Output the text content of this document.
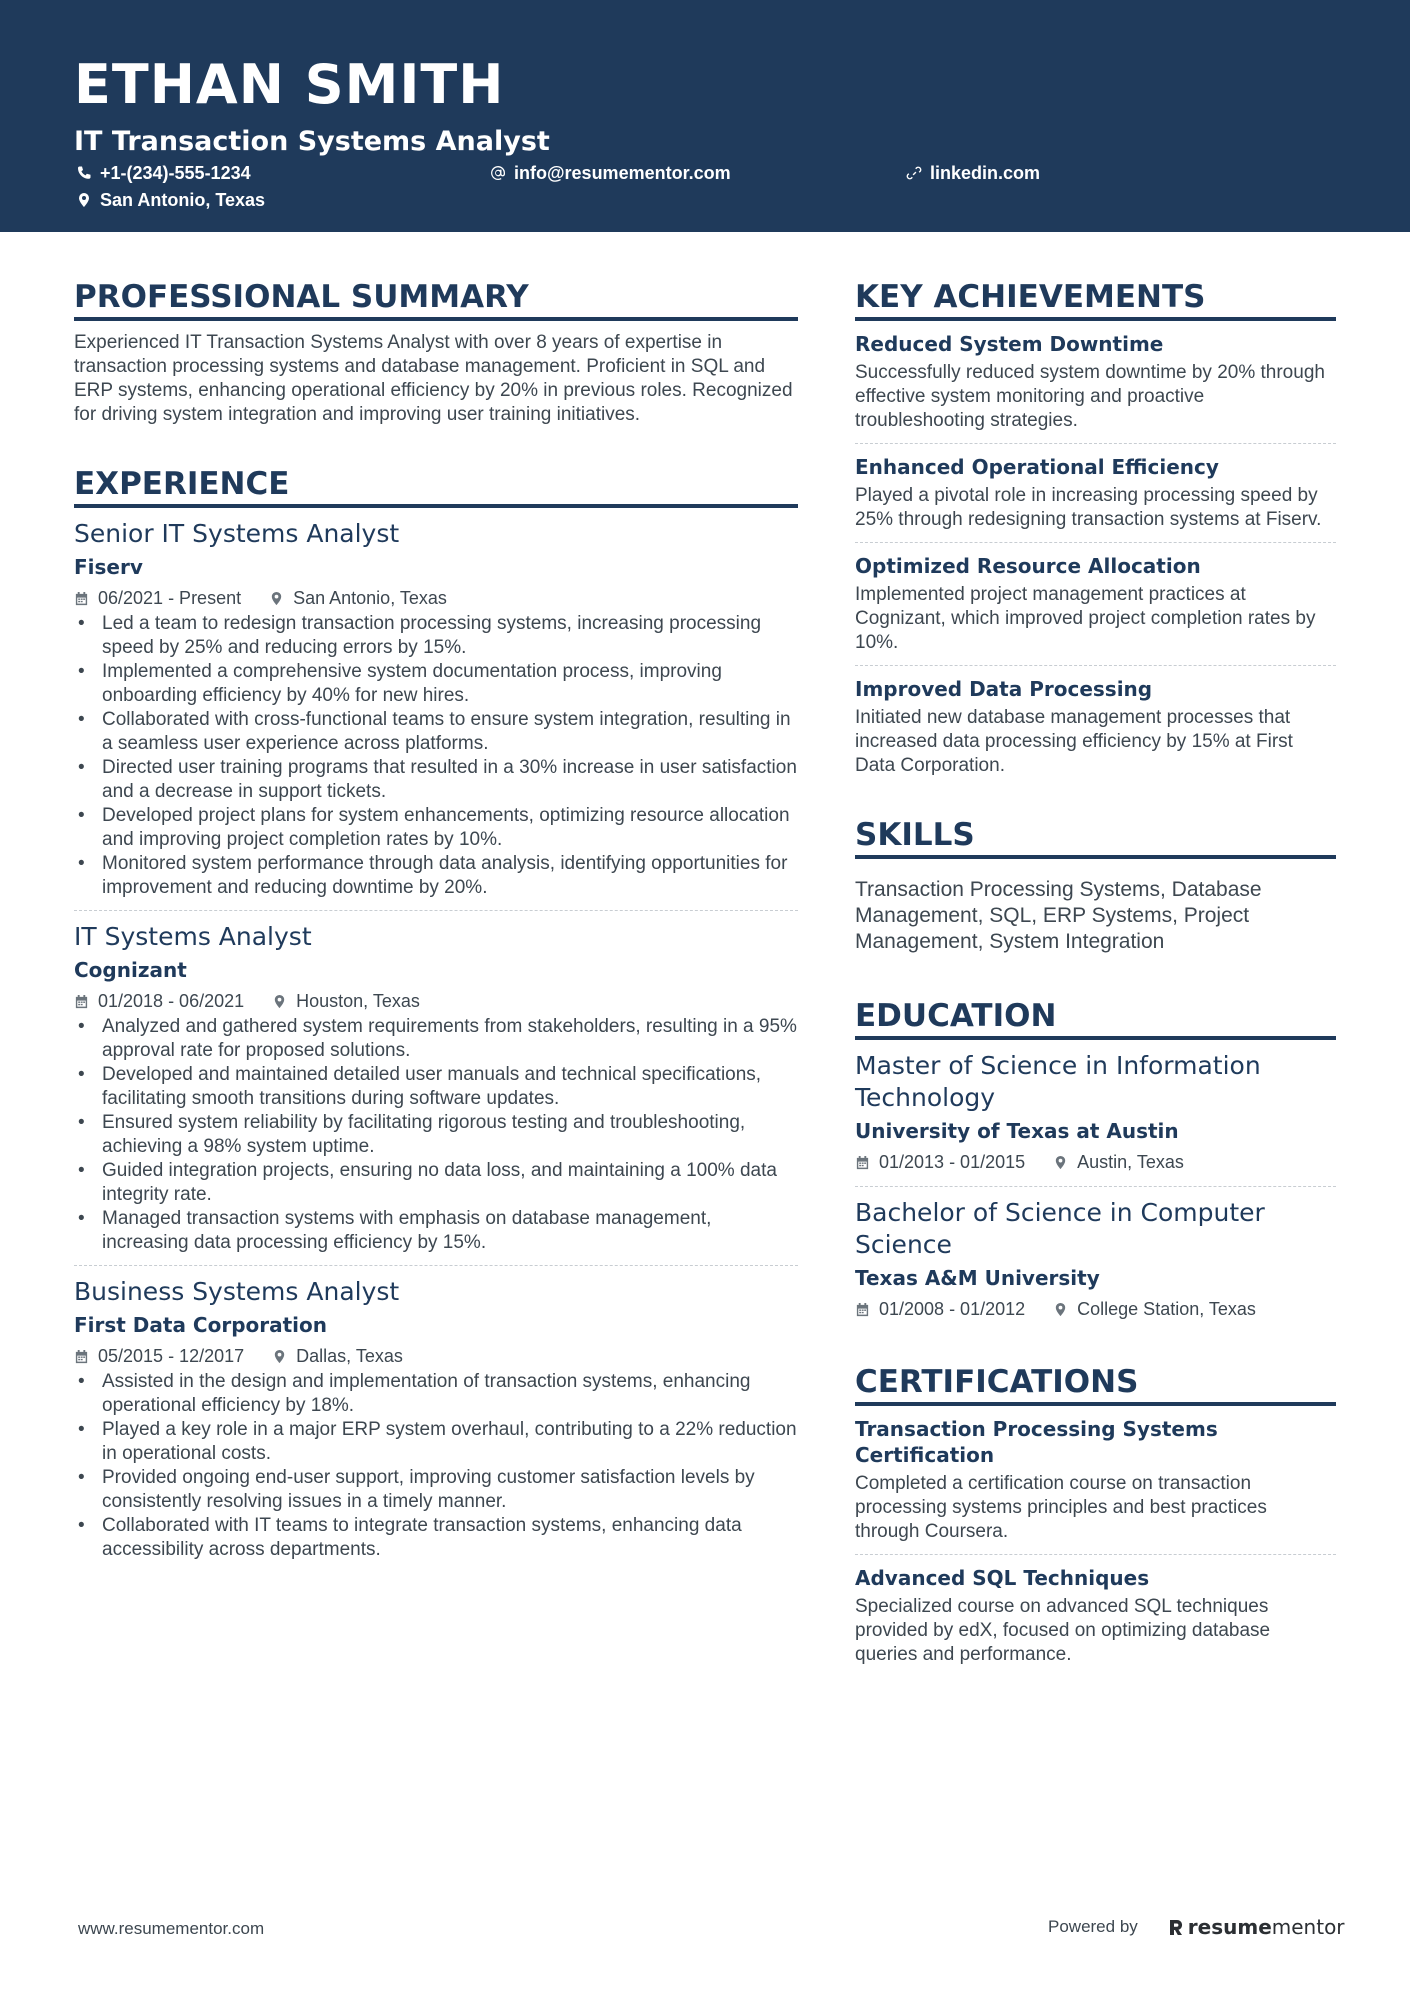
ETHAN SMITH
IT Transaction Systems Analyst
+1-(234)-555-1234	info@resumementor.com	linkedin.com
San Antonio, Texas
PROFESSIONAL SUMMARY

Experienced IT Transaction Systems Analyst with over 8 years of expertise in transaction processing systems and database management. Proficient in SQL and ERP systems, enhancing operational efficiency by 20% in previous roles. Recognized for driving system integration and improving user training initiatives.

EXPERIENCE
Senior IT Systems Analyst
Fiserv
06/2021 - Present	San Antonio, Texas
• Led a team to redesign transaction processing systems, increasing processing speed by 25% and reducing errors by 15%.
• Implemented a comprehensive system documentation process, improving onboarding efficiency by 40% for new hires.
• Collaborated with cross-functional teams to ensure system integration, resulting in a seamless user experience across platforms.
• Directed user training programs that resulted in a 30% increase in user satisfaction and a decrease in support tickets.
• Developed project plans for system enhancements, optimizing resource allocation and improving project completion rates by 10%.
• Monitored system performance through data analysis, identifying opportunities for improvement and reducing downtime by 20%.
IT Systems Analyst
Cognizant
01/2018 - 06/2021	Houston, Texas
• Analyzed and gathered system requirements from stakeholders, resulting in a 95% approval rate for proposed solutions.
• Developed and maintained detailed user manuals and technical specifications, facilitating smooth transitions during software updates.
• Ensured system reliability by facilitating rigorous testing and troubleshooting, achieving a 98% system uptime.
• Guided integration projects, ensuring no data loss, and maintaining a 100% data integrity rate.
• Managed transaction systems with emphasis on database management, increasing data processing efficiency by 15%.
Business Systems Analyst
First Data Corporation
05/2015 - 12/2017	Dallas, Texas
• Assisted in the design and implementation of transaction systems, enhancing operational efficiency by 18%.
• Played a key role in a major ERP system overhaul, contributing to a 22% reduction in operational costs.
• Provided ongoing end-user support, improving customer satisfaction levels by consistently resolving issues in a timely manner.
• Collaborated with IT teams to integrate transaction systems, enhancing data accessibility across departments.
KEY ACHIEVEMENTS
Reduced System Downtime

Successfully reduced system downtime by 20% through effective system monitoring and proactive troubleshooting strategies.

Enhanced Operational Efficiency

Played a pivotal role in increasing processing speed by 25% through redesigning transaction systems at Fiserv.

Optimized Resource Allocation

Implemented project management practices at Cognizant, which improved project completion rates by 10%.

Improved Data Processing

Initiated new database management processes that increased data processing efficiency by 15% at First Data Corporation.

SKILLS

Transaction Processing Systems, Database Management, SQL, ERP Systems, Project Management, System Integration

EDUCATION
Master of Science in Information Technology
University of Texas at Austin
01/2013 - 01/2015	Austin, Texas
Bachelor of Science in Computer Science
Texas A&M University
01/2008 - 01/2012	College Station, Texas
CERTIFICATIONS
Transaction Processing Systems Certification

Completed a certification course on transaction processing systems principles and best practices through Coursera.

Advanced SQL Techniques

Specialized course on advanced SQL techniques provided by edX, focused on optimizing database queries and performance.

www.resumementor.com	Powered by	resume mentor
